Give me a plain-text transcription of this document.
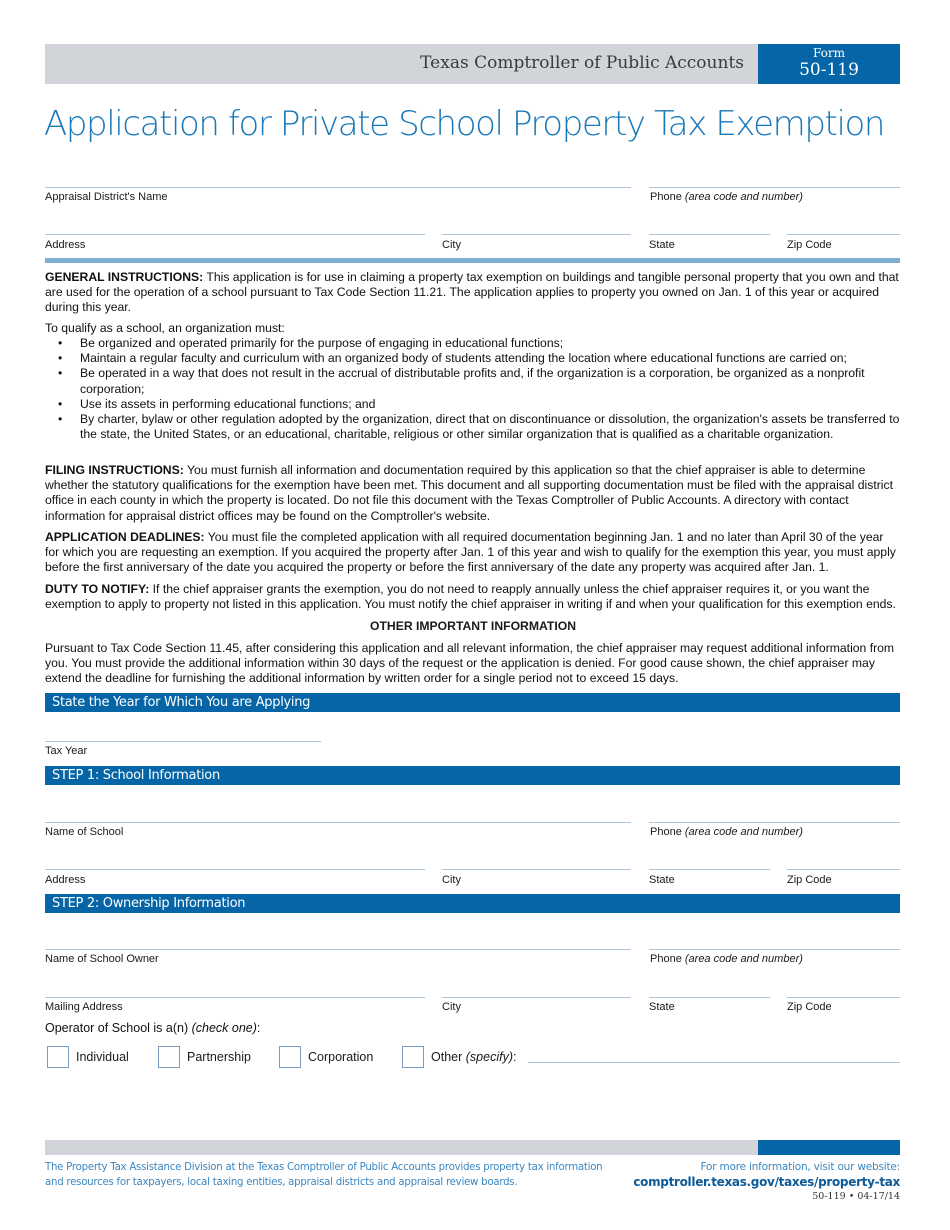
Texas Comptroller of Public Accounts	Form
50-119
Application for Private School Property Tax Exemption
Appraisal District's Name	Phone (area code and number)
Address	City	State	Zip Code
GENERAL INSTRUCTIONS: This application is for use in claiming a property tax exemption on buildings and tangible personal property that you own and that are used for the operation of a school pursuant to Tax Code Section 11.21. The application applies to property you owned on Jan. 1 of this year or acquired during this year.
To qualify as a school, an organization must:
• Be organized and operated primarily for the purpose of engaging in educational functions;
• Maintain a regular faculty and curriculum with an organized body of students attending the location where educational functions are carried on;
• Be operated in a way that does not result in the accrual of distributable profits and, if the organization is a corporation, be organized as a nonprofit corporation;
• Use its assets in performing educational functions; and
• By charter, bylaw or other regulation adopted by the organization, direct that on discontinuance or dissolution, the organization's assets be transferred to the state, the United States, or an educational, charitable, religious or other similar organization that is qualified as a charitable organization.
FILING INSTRUCTIONS: You must furnish all information and documentation required by this application so that the chief appraiser is able to determine whether the statutory qualifications for the exemption have been met. This document and all supporting documentation must be filed with the appraisal district office in each county in which the property is located. Do not file this document with the Texas Comptroller of Public Accounts. A directory with contact information for appraisal district offices may be found on the Comptroller's website.
APPLICATION DEADLINES: You must file the completed application with all required documentation beginning Jan. 1 and no later than April 30 of the year for which you are requesting an exemption. If you acquired the property after Jan. 1 of this year and wish to qualify for the exemption this year, you must apply before the first anniversary of the date you acquired the property or before the first anniversary of the date any property was acquired after Jan. 1.
DUTY TO NOTIFY: If the chief appraiser grants the exemption, you do not need to reapply annually unless the chief appraiser requires it, or you want the exemption to apply to property not listed in this application. You must notify the chief appraiser in writing if and when your qualification for this exemption ends.
OTHER IMPORTANT INFORMATION
Pursuant to Tax Code Section 11.45, after considering this application and all relevant information, the chief appraiser may request additional information from you. You must provide the additional information within 30 days of the request or the application is denied. For good cause shown, the chief appraiser may extend the deadline for furnishing the additional information by written order for a single period not to exceed 15 days.
State the Year for Which You are Applying
Tax Year
STEP 1: School Information
Name of School	Phone (area code and number)
Address	City	State	Zip Code
STEP 2: Ownership Information
Name of School Owner	Phone (area code and number)
Mailing Address	City	State	Zip Code
Operator of School is a(n) (check one):
Individual	Partnership	Corporation	Other (specify):
The Property Tax Assistance Division at the Texas Comptroller of Public Accounts provides property tax information and resources for taxpayers, local taxing entities, appraisal districts and appraisal review boards.
For more information, visit our website:
comptroller.texas.gov/taxes/property-tax
50-119 • 04-17/14
